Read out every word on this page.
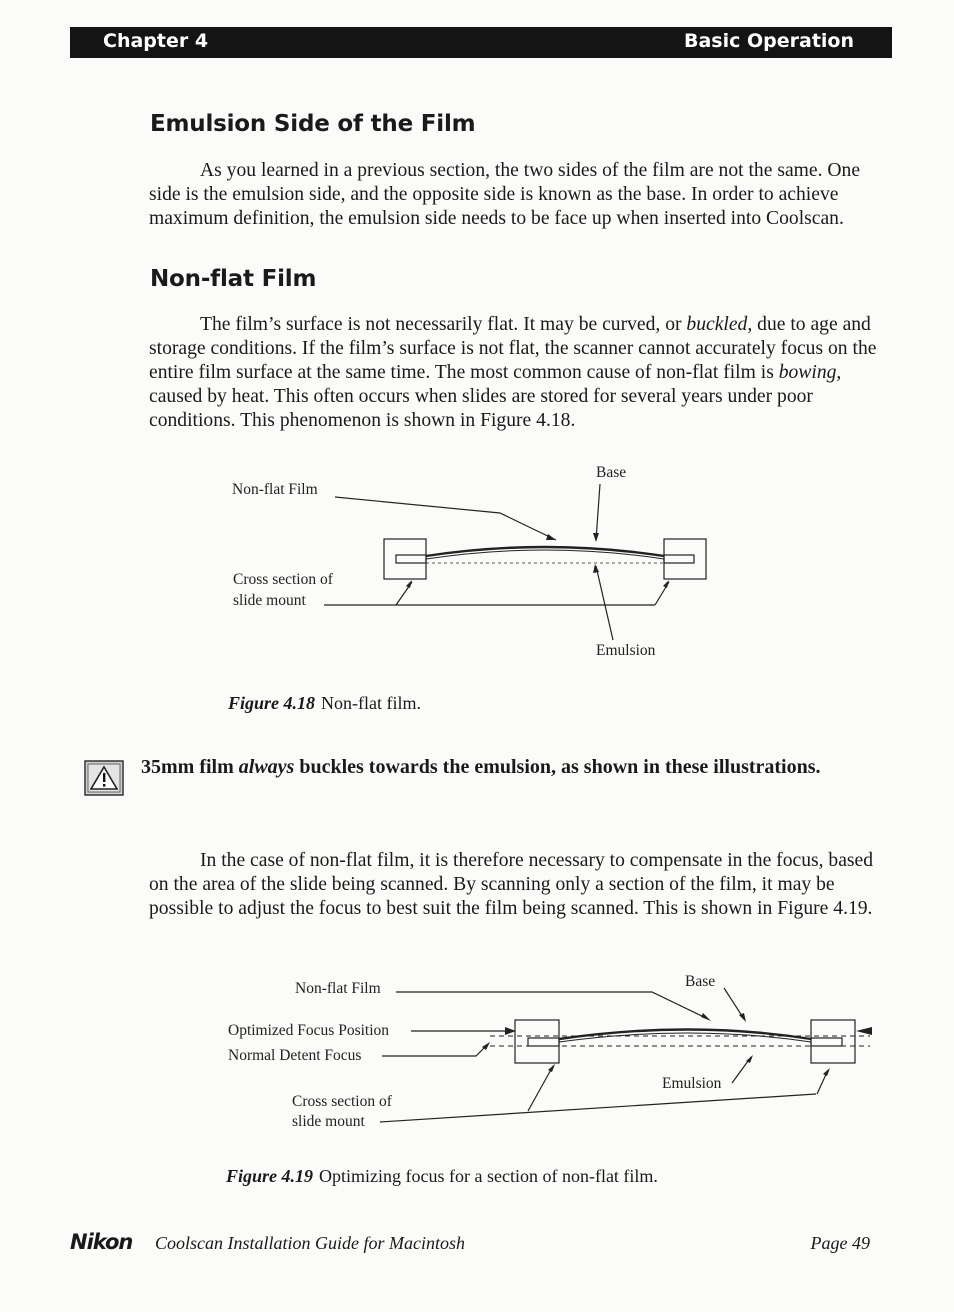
Chapter 4	Basic Operation
Emulsion Side of the Film

As you learned in a previous section, the two sides of the film are not the same. One side is the emulsion side, and the opposite side is known as the base. In order to achieve maximum definition, the emulsion side needs to be face up when inserted into Coolscan.

Non-flat Film

The film’s surface is not necessarily flat. It may be curved, or buckled, due to age and storage conditions. If the film’s surface is not flat, the scanner cannot accurately focus on the entire film surface at the same time. The most common cause of non-flat film is bowing, caused by heat. This often occurs when slides are stored for several years under poor conditions. This phenomenon is shown in Figure 4.18.

Non-flat Film
Base
Cross section of
slide mount
Emulsion
Figure 4.18 Non-flat film.
35mm film always buckles towards the emulsion, as shown in these illustrations.

In the case of non-flat film, it is therefore necessary to compensate in the focus, based on the area of the slide being scanned. By scanning only a section of the film, it may be possible to adjust the focus to best suit the film being scanned. This is shown in Figure 4.19.

Non-flat Film	Base
Optimized Focus Position
Normal Detent Focus
Emulsion
Cross section of
slide mount
Figure 4.19 Optimizing focus for a section of non-flat film.
Nikon Coolscan Installation Guide for Macintosh	Page 49
